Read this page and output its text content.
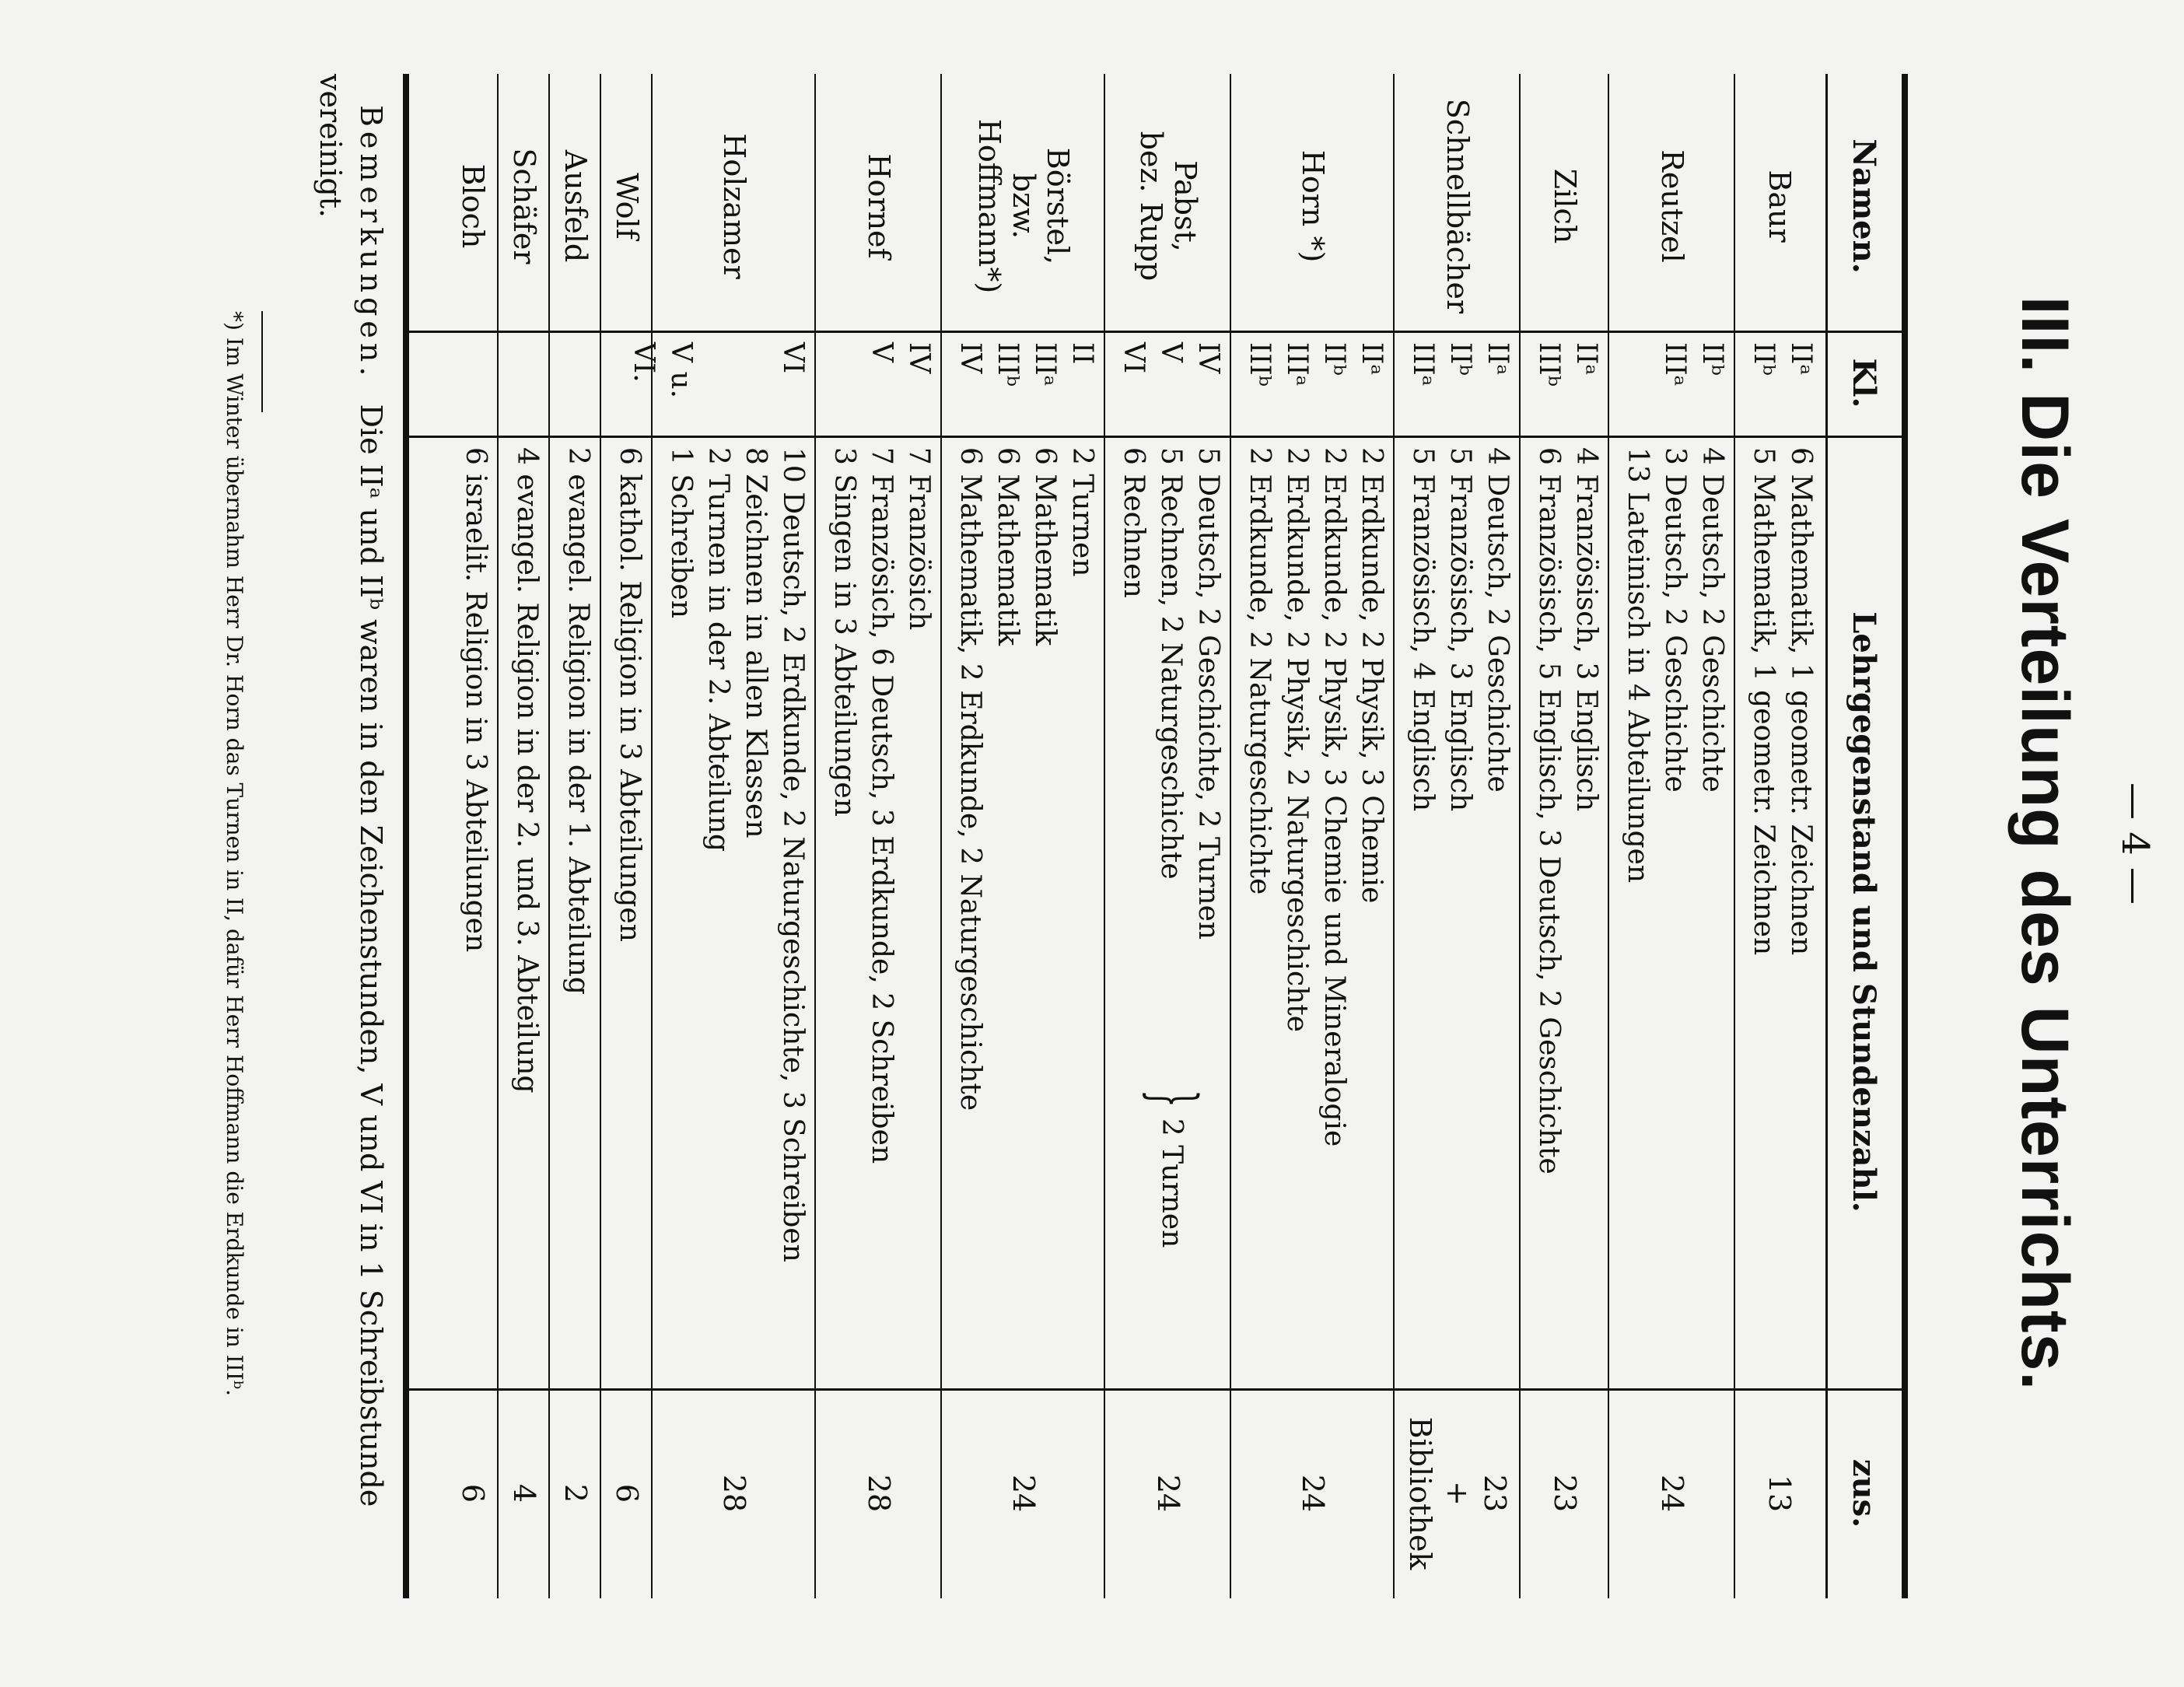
— 4 —
III. Die Verteilung des Unterrichts.
Namen.
Kl.
Lehrgegenstand und Stundenzahl.
zus.
Baur
IIᵃ
IIᵇ
6 Mathematik, 1 geometr. Zeichnen
5 Mathematik, 1 geometr. Zeichnen
13
Reutzel
IIᵇ
IIIᵃ
4 Deutsch, 2 Geschichte
3 Deutsch, 2 Geschichte
13 Lateinisch in 4 Abteilungen
24
Zilch
IIᵃ
IIIᵇ
4 Französisch, 3 Englisch
6 Französisch, 5 Englisch, 3 Deutsch, 2 Geschichte
23
Schnellbächer
IIᵃ
IIᵇ
IIIᵃ
4 Deutsch, 2 Geschichte
5 Französisch, 3 Englisch
5 Französisch, 4 Englisch
23
+
Bibliothek
Horn *)
IIᵃ
IIᵇ
IIIᵃ
IIIᵇ
2 Erdkunde, 2 Physik, 3 Chemie
2 Erdkunde, 2 Physik, 3 Chemie und Mineralogie
2 Erdkunde, 2 Physik, 2 Naturgeschichte
2 Erdkunde, 2 Naturgeschichte
24
Pabst,
bez. Rupp
IV
V
VI
5 Deutsch, 2 Geschichte, 2 Turnen
5 Rechnen, 2 Naturgeschichte
6 Rechnen
}2 Turnen
24
Börstel,
bzw. Hoffmann*)
II
IIIᵃ
IIIᵇ
IV
2 Turnen
6 Mathematik
6 Mathematik
6 Mathematik, 2 Erdkunde, 2 Naturgeschichte
24
Hornef
IV
V
7 Französich
7 Französich, 6 Deutsch, 3 Erdkunde, 2 Schreiben
3 Singen in 3 Abteilungen
28
Holzamer
VI
V u. VI.
10 Deutsch, 2 Erdkunde, 2 Naturgeschichte, 3 Schreiben
8 Zeichnen in allen Klassen
2 Turnen in der 2. Abteilung
1 Schreiben
28
Wolf
6 kathol. Religion in 3 Abteilungen
6
Ausfeld
2 evangel. Religion in der 1. Abteilung
2
Schäfer
4 evangel. Religion in der 2. und 3. Abteilung
4
Bloch
6 israelit. Religion in 3 Abteilungen
6
Bemerkungen. Die IIᵃ und IIᵇ waren in den Zeichenstunden, V und VI in 1 Schreibstunde vereinigt.
*) Im Winter übernahm Herr Dr. Horn das Turnen in II, dafür Herr Hoffmann die Erdkunde in IIIᵇ.
